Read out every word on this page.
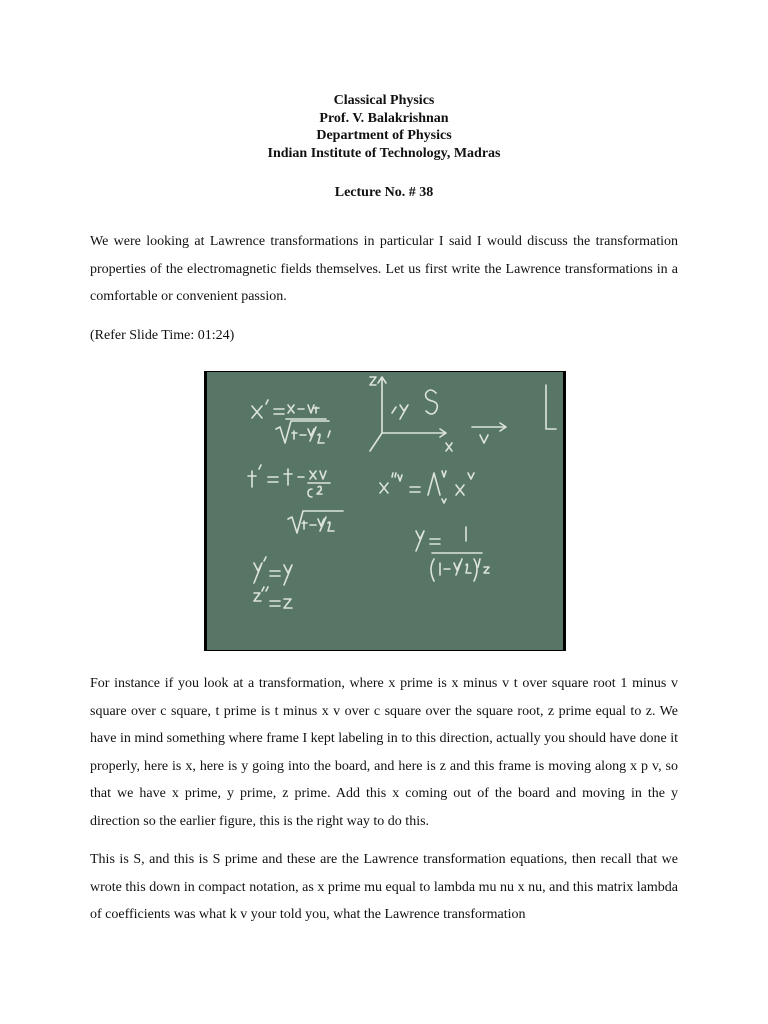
Classical Physics
Prof. V. Balakrishnan
Department of Physics
Indian Institute of Technology, Madras
Lecture No. # 38

We were looking at Lawrence transformations in particular I said I would discuss the transformation properties of the electromagnetic fields themselves. Let us first write the Lawrence transformations in a comfortable or convenient passion.

(Refer Slide Time: 01:24)

For instance if you look at a transformation, where x prime is x minus v t over square root 1 minus v square over c square, t prime is t minus x v over c square over the square root, z prime equal to z. We have in mind something where frame I kept labeling in to this direction, actually you should have done it properly, here is x, here is y going into the board, and here is z and this frame is moving along x p v, so that we have x prime, y prime, z prime. Add this x coming out of the board and moving in the y direction so the earlier figure, this is the right way to do this.

This is S, and this is S prime and these are the Lawrence transformation equations, then recall that we wrote this down in compact notation, as x prime mu equal to lambda mu nu x nu, and this matrix lambda of coefficients was what k v your told you, what the Lawrence transformation
